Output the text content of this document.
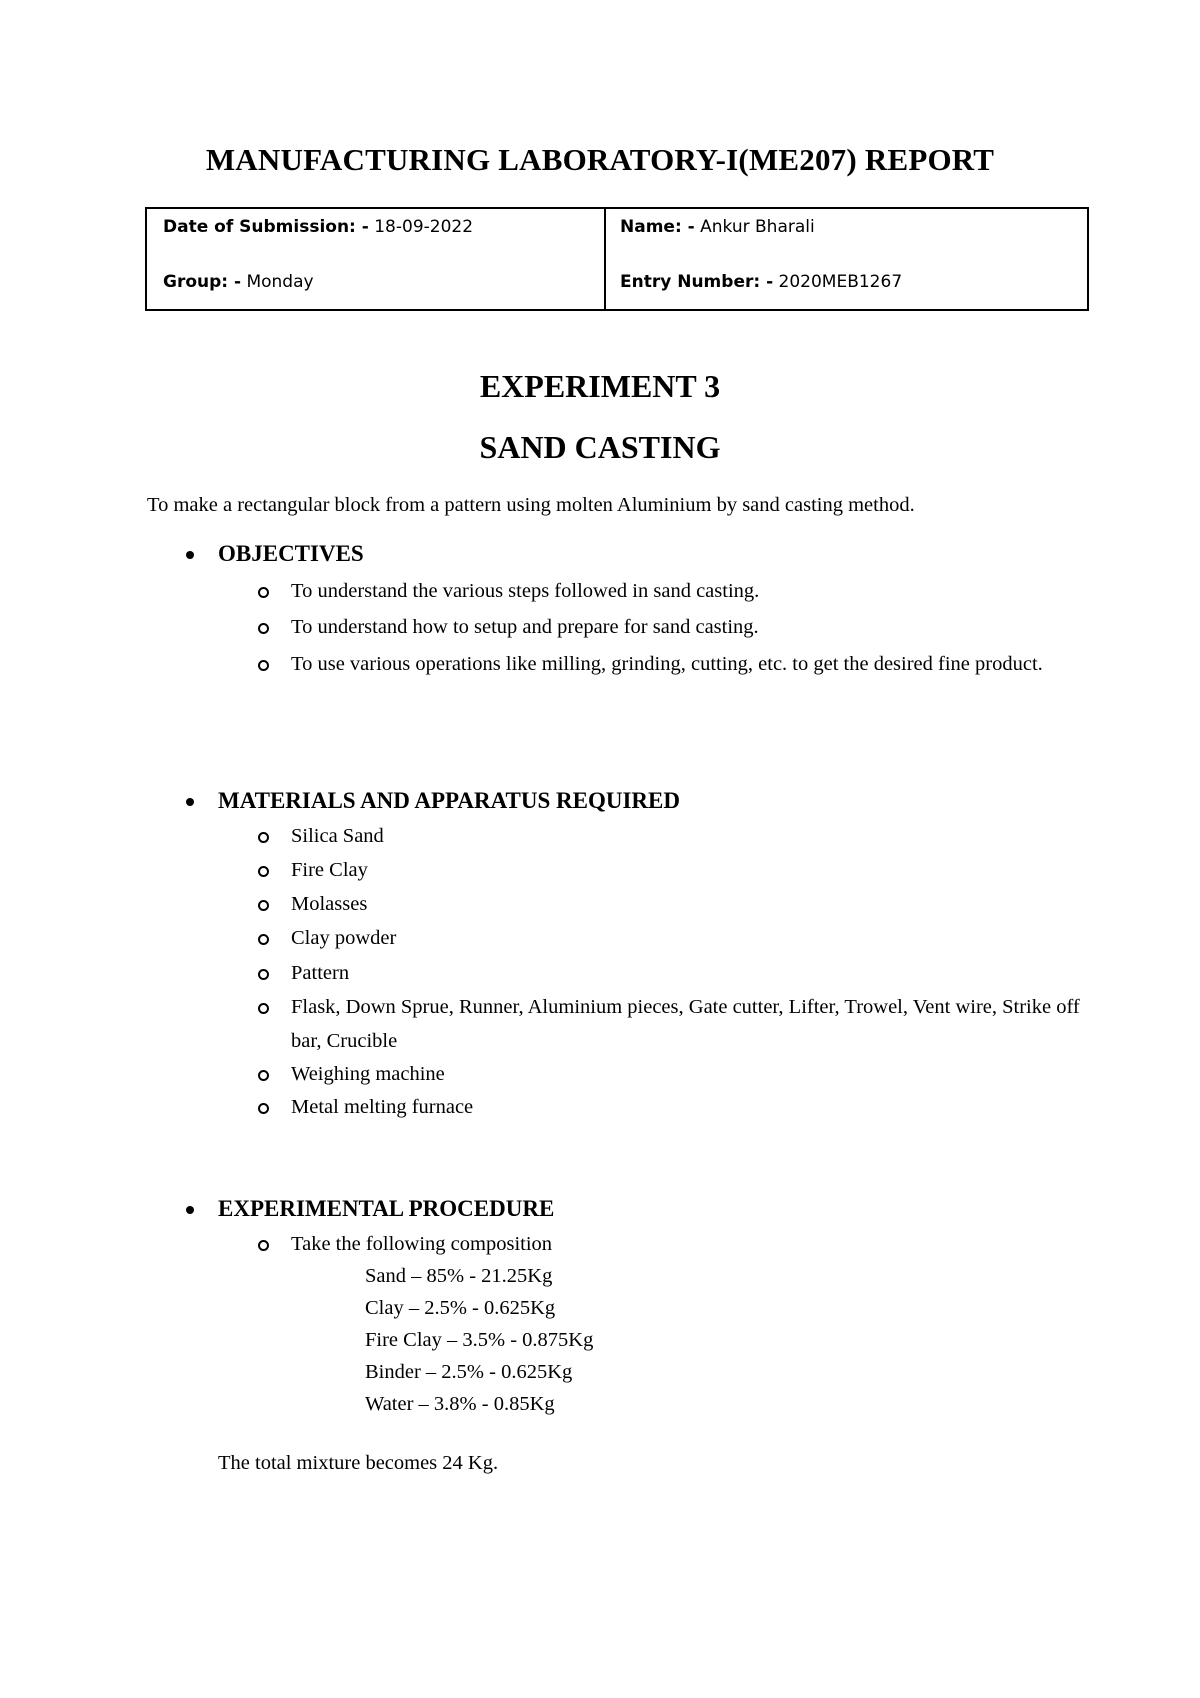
MANUFACTURING LABORATORY-I(ME207) REPORT
Date of Submission: - 18-09-2022
Group: - Monday
Name: - Ankur Bharali
Entry Number: - 2020MEB1267
EXPERIMENT 3
SAND CASTING
To make a rectangular block from a pattern using molten Aluminium by sand casting method.
OBJECTIVES
To understand the various steps followed in sand casting.
To understand how to setup and prepare for sand casting.
To use various operations like milling, grinding, cutting, etc. to get the desired fine product.
MATERIALS AND APPARATUS REQUIRED
Silica Sand
Fire Clay
Molasses
Clay powder
Pattern
Flask, Down Sprue, Runner, Aluminium pieces, Gate cutter, Lifter, Trowel, Vent wire, Strike off bar, Crucible
Weighing machine
Metal melting furnace
EXPERIMENTAL PROCEDURE
Take the following composition
Sand – 85% - 21.25Kg
Clay – 2.5% - 0.625Kg
Fire Clay – 3.5% - 0.875Kg
Binder – 2.5% - 0.625Kg
Water – 3.8% - 0.85Kg
The total mixture becomes 24 Kg.
